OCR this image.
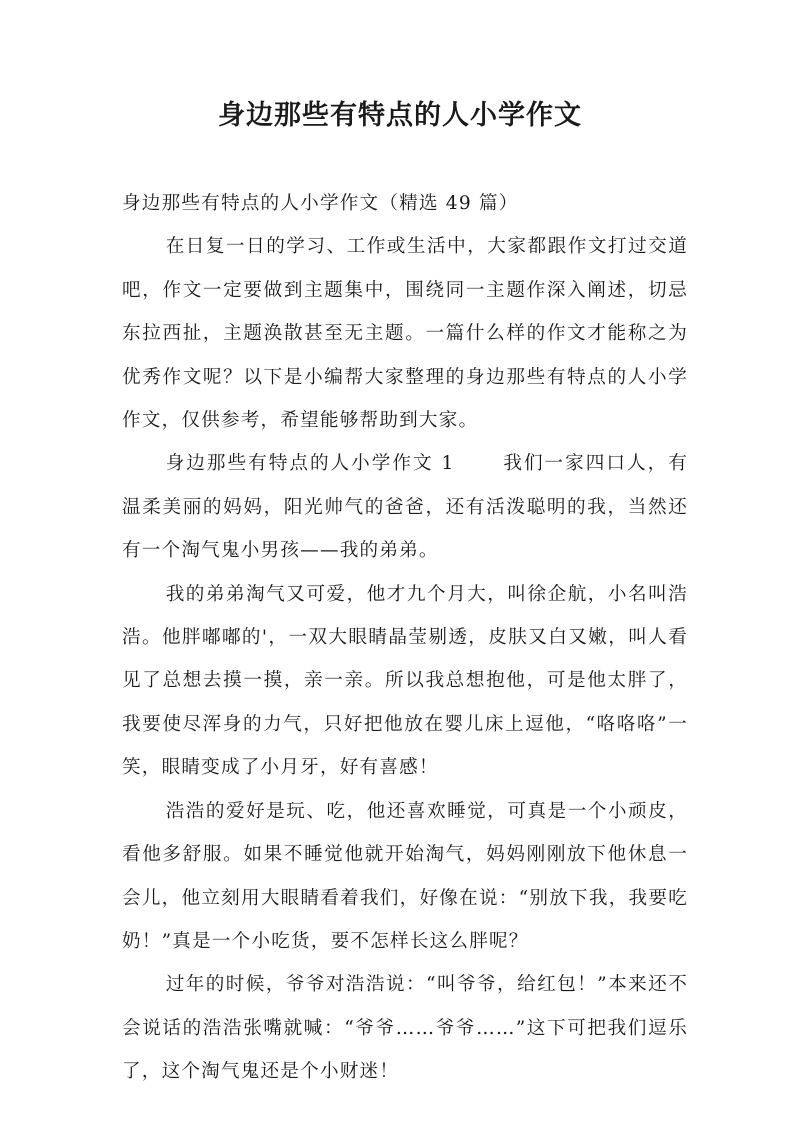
身边那些有特点的人小学作文

身边那些有特点的人小学作文（精选 49 篇）

在日复一日的学习、工作或生活中，大家都跟作文打过交道吧，作文一定要做到主题集中，围绕同一主题作深入阐述，切忌东拉西扯，主题涣散甚至无主题。一篇什么样的作文才能称之为优秀作文呢？以下是小编帮大家整理的身边那些有特点的人小学作文，仅供参考，希望能够帮助到大家。

身边那些有特点的人小学作文 1	我们一家四口人，有温柔美丽的妈妈，阳光帅气的爸爸，还有活泼聪明的我，当然还有一个淘气鬼小男孩——我的弟弟。

我的弟弟淘气又可爱，他才九个月大，叫徐企航，小名叫浩浩。他胖嘟嘟的'，一双大眼睛晶莹剔透，皮肤又白又嫩，叫人看见了总想去摸一摸，亲一亲。所以我总想抱他，可是他太胖了，我要使尽浑身的力气，只好把他放在婴儿床上逗他，“咯咯咯”一笑，眼睛变成了小月牙，好有喜感！

浩浩的爱好是玩、吃，他还喜欢睡觉，可真是一个小顽皮，看他多舒服。如果不睡觉他就开始淘气，妈妈刚刚放下他休息一会儿，他立刻用大眼睛看着我们，好像在说：“别放下我，我要吃奶！”真是一个小吃货，要不怎样长这么胖呢？

过年的时候，爷爷对浩浩说：“叫爷爷，给红包！”本来还不会说话的浩浩张嘴就喊：“爷爷……爷爷……”这下可把我们逗乐了，这个淘气鬼还是个小财迷！
